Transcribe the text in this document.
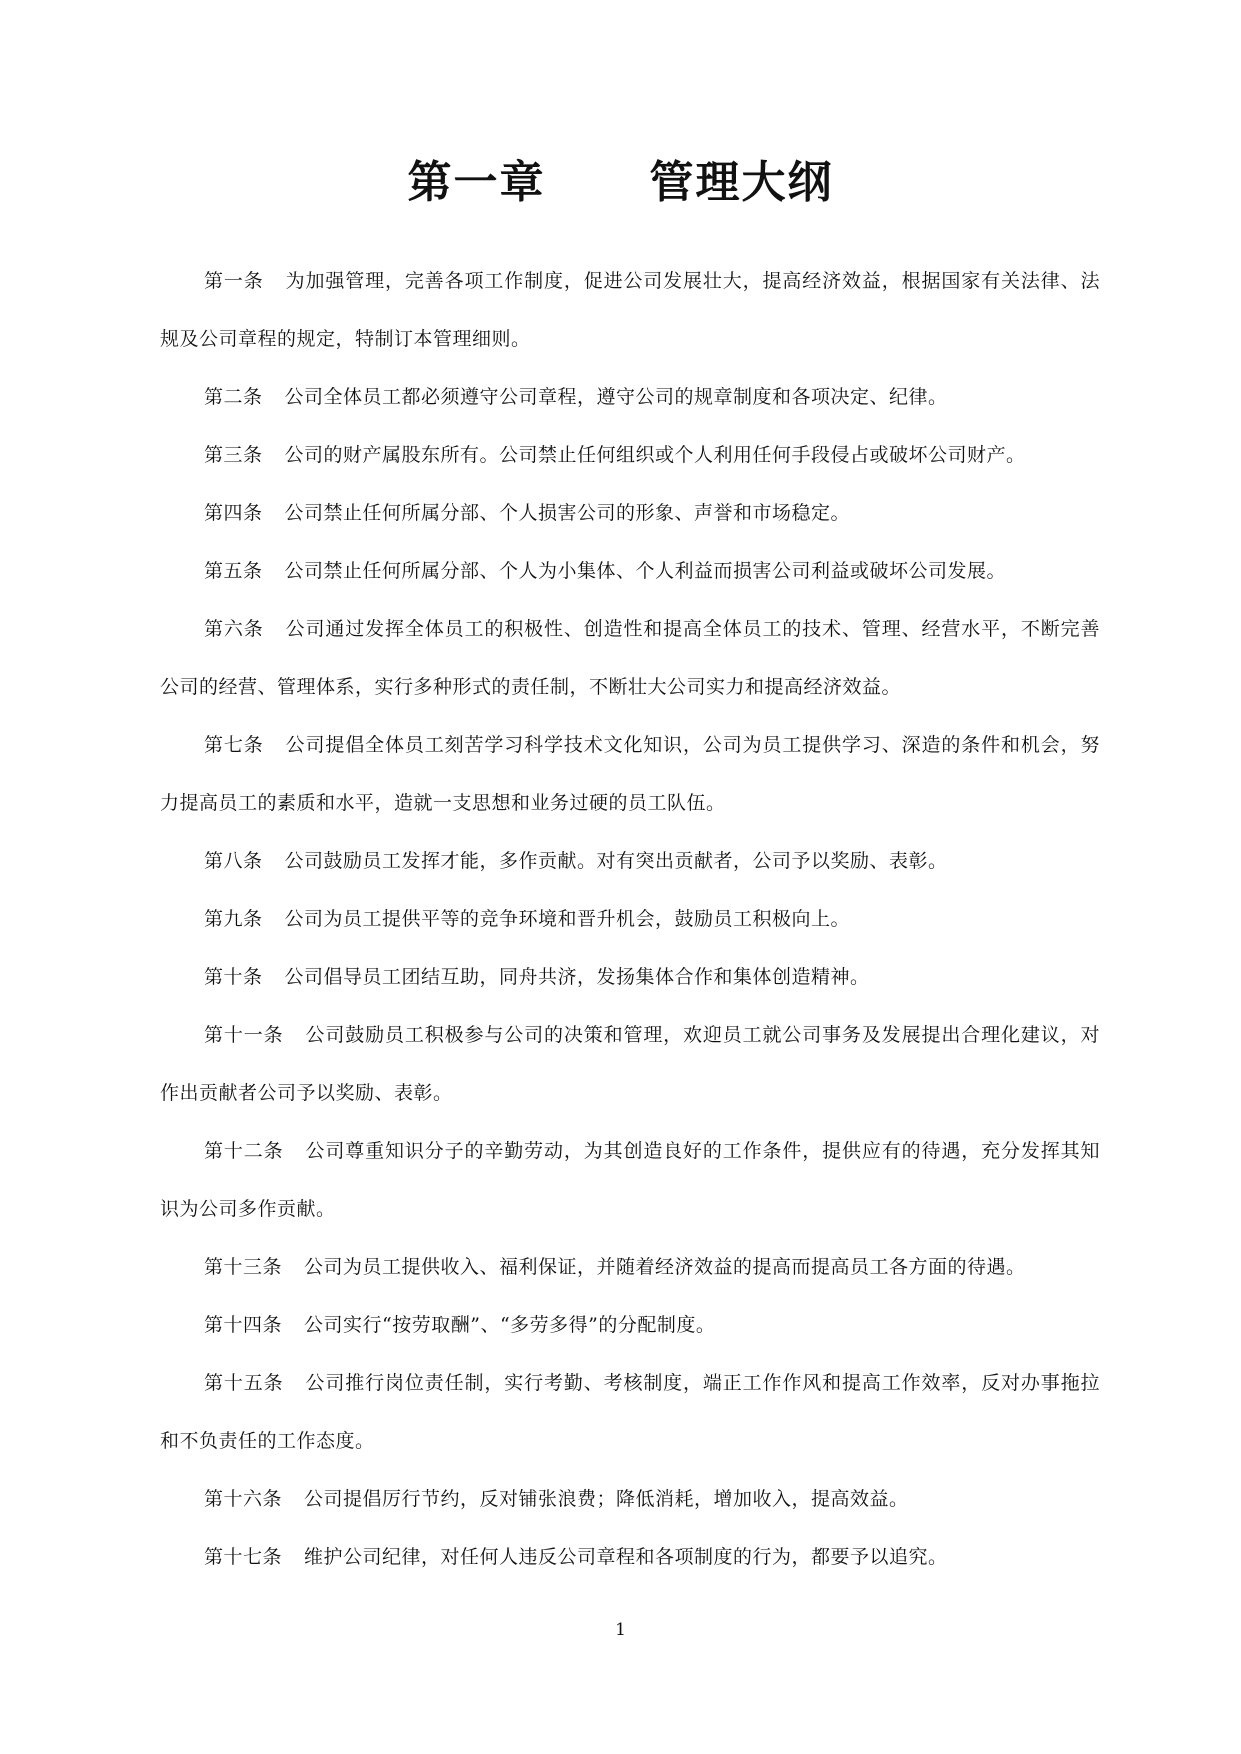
第一章      管理大纲

第一条 为加强管理，完善各项工作制度，促进公司发展壮大，提高经济效益，根据国家有关法律、法规及公司章程的规定，特制订本管理细则。

第二条 公司全体员工都必须遵守公司章程，遵守公司的规章制度和各项决定、纪律。

第三条 公司的财产属股东所有。公司禁止任何组织或个人利用任何手段侵占或破坏公司财产。

第四条 公司禁止任何所属分部、个人损害公司的形象、声誉和市场稳定。

第五条 公司禁止任何所属分部、个人为小集体、个人利益而损害公司利益或破坏公司发展。

第六条 公司通过发挥全体员工的积极性、创造性和提高全体员工的技术、管理、经营水平，不断完善公司的经营、管理体系，实行多种形式的责任制，不断壮大公司实力和提高经济效益。

第七条 公司提倡全体员工刻苦学习科学技术文化知识，公司为员工提供学习、深造的条件和机会，努力提高员工的素质和水平，造就一支思想和业务过硬的员工队伍。

第八条 公司鼓励员工发挥才能，多作贡献。对有突出贡献者，公司予以奖励、表彰。

第九条 公司为员工提供平等的竞争环境和晋升机会，鼓励员工积极向上。

第十条 公司倡导员工团结互助，同舟共济，发扬集体合作和集体创造精神。

第十一条 公司鼓励员工积极参与公司的决策和管理，欢迎员工就公司事务及发展提出合理化建议，对作出贡献者公司予以奖励、表彰。

第十二条 公司尊重知识分子的辛勤劳动，为其创造良好的工作条件，提供应有的待遇，充分发挥其知识为公司多作贡献。

第十三条 公司为员工提供收入、福利保证，并随着经济效益的提高而提高员工各方面的待遇。

第十四条 公司实行“按劳取酬”、“多劳多得”的分配制度。

第十五条 公司推行岗位责任制，实行考勤、考核制度，端正工作作风和提高工作效率，反对办事拖拉和不负责任的工作态度。

第十六条 公司提倡厉行节约，反对铺张浪费；降低消耗，增加收入，提高效益。

第十七条 维护公司纪律，对任何人违反公司章程和各项制度的行为，都要予以追究。

1
